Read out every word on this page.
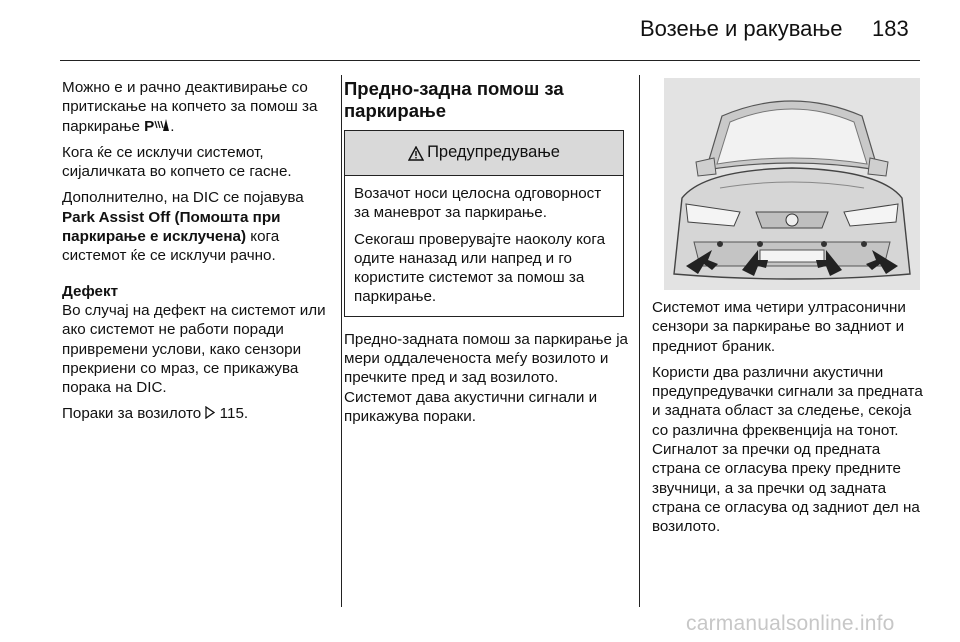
Возење и ракување 183

Можно е и рачно деактивирање со притискање на копчето за помош за паркирање P .

Кога ќе се исклучи системот, сијаличката во копчето се гасне.

Дополнително, на DIC се појавува Park Assist Off (Помошта при паркирање е исклучена) кога системот ќе се исклучи рачно.

Дефект

Во случај на дефект на системот или ако системот не работи поради привремени услови, како сензори прекриени со мраз, се прикажува порака на DIC.

Пораки за возилото  115.

Предно-задна помош за паркирање
Предупредување

Возачот носи целосна одговорност за маневрот за паркирање.

Секогаш проверувајте наоколу кога одите наназад или напред и го користите системот за помош за паркирање.

Предно-задната помош за паркирање ја мери оддалеченоста меѓу возилото и пречките пред и зад возилото. Системот дава акустични сигнали и прикажува пораки.

Системот има четири ултрасонични сензори за паркирање во задниот и предниот браник.

Користи два различни акустични предупредувачки сигнали за предната и задната област за следење, секоја со различна фреквенција на тонот. Сигналот за пречки од предната страна се огласува преку предните звучници, а за пречки од задната страна се огласува од задниот дел на возилото.

carmanualsonline.info
